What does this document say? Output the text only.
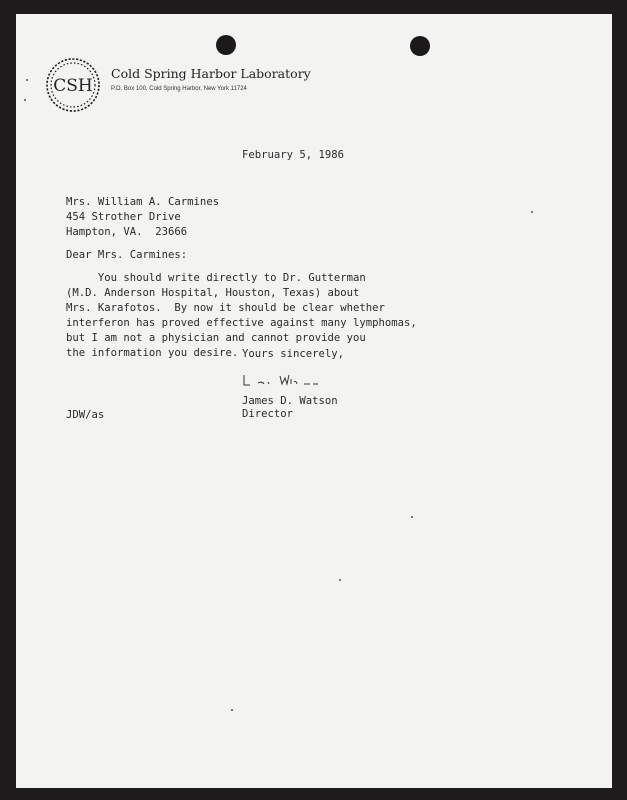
CSH
Cold Spring Harbor Laboratory
P.O. Box 100, Cold Spring Harbor, New York 11724
February 5, 1986
Mrs. William A. Carmines
454 Strother Drive
Hampton, VA.  23666
Dear Mrs. Carmines:
You should write directly to Dr. Gutterman
(M.D. Anderson Hospital, Houston, Texas) about
Mrs. Karafotos.  By now it should be clear whether
interferon has proved effective against many lymphomas,
but I am not a physician and cannot provide you
the information you desire. Yours sincerely,
James D. Watson
Director
JDW/as
